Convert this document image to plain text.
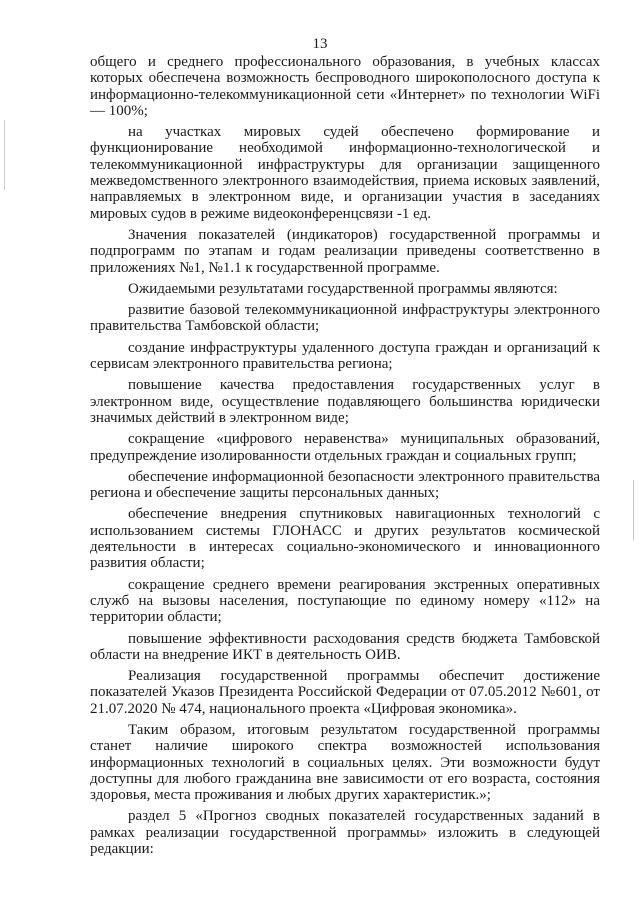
13

общего и среднего профессионального образования, в учебных классах которых обеспечена возможность беспроводного широкополосного доступа к информационно-телекоммуникационной сети «Интернет» по технологии WiFi — 100%;

на участках мировых судей обеспечено формирование и функционирование необходимой информационно-технологической и телекоммуникационной инфраструктуры для организации защищенного межведомственного электронного взаимодействия, приема исковых заявлений, направляемых в электронном виде, и организации участия в заседаниях мировых судов в режиме видеоконференцсвязи -1 ед.

Значения показателей (индикаторов) государственной программы и подпрограмм по этапам и годам реализации приведены соответственно в приложениях №1, №1.1 к государственной программе.

Ожидаемыми результатами государственной программы являются:

развитие базовой телекоммуникационной инфраструктуры электронного правительства Тамбовской области;

создание инфраструктуры удаленного доступа граждан и организаций к сервисам электронного правительства региона;

повышение качества предоставления государственных услуг в электронном виде, осуществление подавляющего большинства юридически значимых действий в электронном виде;

сокращение «цифрового неравенства» муниципальных образований, предупреждение изолированности отдельных граждан и социальных групп;

обеспечение информационной безопасности электронного правительства региона и обеспечение защиты персональных данных;

обеспечение внедрения спутниковых навигационных технологий с использованием системы ГЛОНАСС и других результатов космической деятельности в интересах социально-экономического и инновационного развития области;

сокращение среднего времени реагирования экстренных оперативных служб на вызовы населения, поступающие по единому номеру «112» на территории области;

повышение эффективности расходования средств бюджета Тамбовской области на внедрение ИКТ в деятельность ОИВ.

Реализация государственной программы обеспечит достижение показателей Указов Президента Российской Федерации от 07.05.2012 №601, от 21.07.2020 № 474, национального проекта «Цифровая экономика».

Таким образом, итоговым результатом государственной программы станет наличие широкого спектра возможностей использования информационных технологий в социальных целях. Эти возможности будут доступны для любого гражданина вне зависимости от его возраста, состояния здоровья, места проживания и любых других характеристик.»;

раздел 5 «Прогноз сводных показателей государственных заданий в рамках реализации государственной программы» изложить в следующей редакции:
